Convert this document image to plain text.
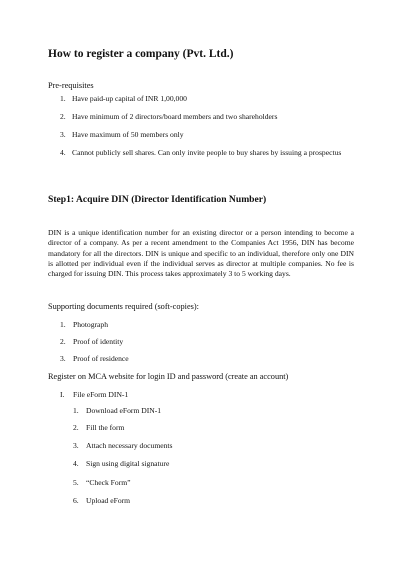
How to register a company (Pvt. Ltd.)
Pre-requisites
1. Have paid-up capital of INR 1,00,000
2. Have minimum of 2 directors/board members and two shareholders
3. Have maximum of 50 members only
4. Cannot publicly sell shares. Can only invite people to buy shares by issuing a prospectus
Step1: Acquire DIN (Director Identification Number)

DIN is a unique identification number for an existing director or a person intending to become a director of a company. As per a recent amendment to the Companies Act 1956, DIN has become mandatory for all the directors. DIN is unique and specific to an individual, therefore only one DIN is allotted per individual even if the individual serves as director at multiple companies. No fee is charged for issuing DIN. This process takes approximately 3 to 5 working days.

Supporting documents required (soft-copies):
1. Photograph
2. Proof of identity
3. Proof of residence
Register on MCA website for login ID and password (create an account)
I. File eForm DIN-1
1. Download eForm DIN-1
2. Fill the form
3. Attach necessary documents
4. Sign using digital signature
5. “Check Form”
6. Upload eForm
